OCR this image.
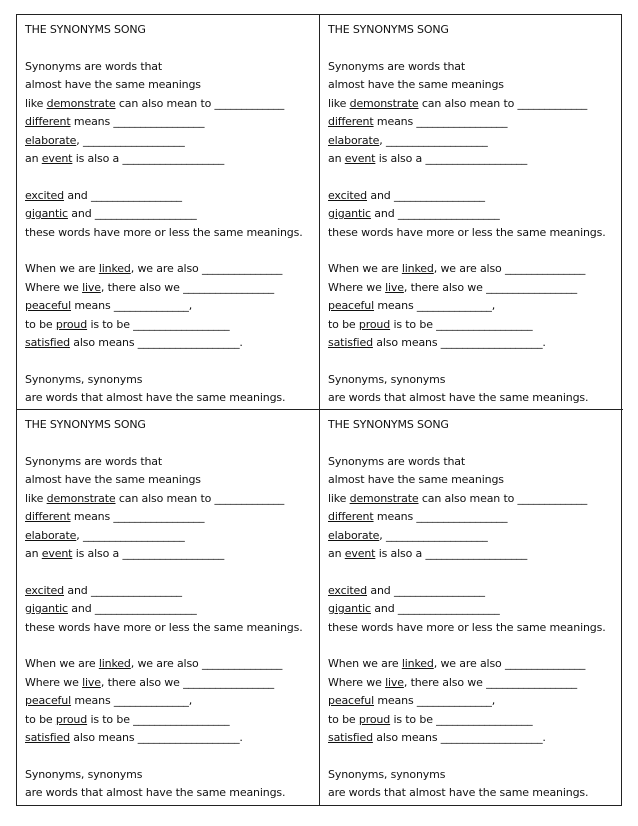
THE SYNONYMS SONG
Synonyms are words that
almost have the same meanings
like demonstrate can also mean to _____________
different means _________________
elaborate, ___________________
an event is also a ___________________
excited and _________________
gigantic and ___________________
these words have more or less the same meanings.
When we are linked, we are also _______________
Where we live, there also we _________________
peaceful means ______________,
to be proud is to be __________________
satisfied also means ___________________.
Synonyms, synonyms
are words that almost have the same meanings.
THE SYNONYMS SONG
Synonyms are words that
almost have the same meanings
like demonstrate can also mean to _____________
different means _________________
elaborate, ___________________
an event is also a ___________________
excited and _________________
gigantic and ___________________
these words have more or less the same meanings.
When we are linked, we are also _______________
Where we live, there also we _________________
peaceful means ______________,
to be proud is to be __________________
satisfied also means ___________________.
Synonyms, synonyms
are words that almost have the same meanings.
THE SYNONYMS SONG
Synonyms are words that
almost have the same meanings
like demonstrate can also mean to _____________
different means _________________
elaborate, ___________________
an event is also a ___________________
excited and _________________
gigantic and ___________________
these words have more or less the same meanings.
When we are linked, we are also _______________
Where we live, there also we _________________
peaceful means ______________,
to be proud is to be __________________
satisfied also means ___________________.
Synonyms, synonyms
are words that almost have the same meanings.
THE SYNONYMS SONG
Synonyms are words that
almost have the same meanings
like demonstrate can also mean to _____________
different means _________________
elaborate, ___________________
an event is also a ___________________
excited and _________________
gigantic and ___________________
these words have more or less the same meanings.
When we are linked, we are also _______________
Where we live, there also we _________________
peaceful means ______________,
to be proud is to be __________________
satisfied also means ___________________.
Synonyms, synonyms
are words that almost have the same meanings.
